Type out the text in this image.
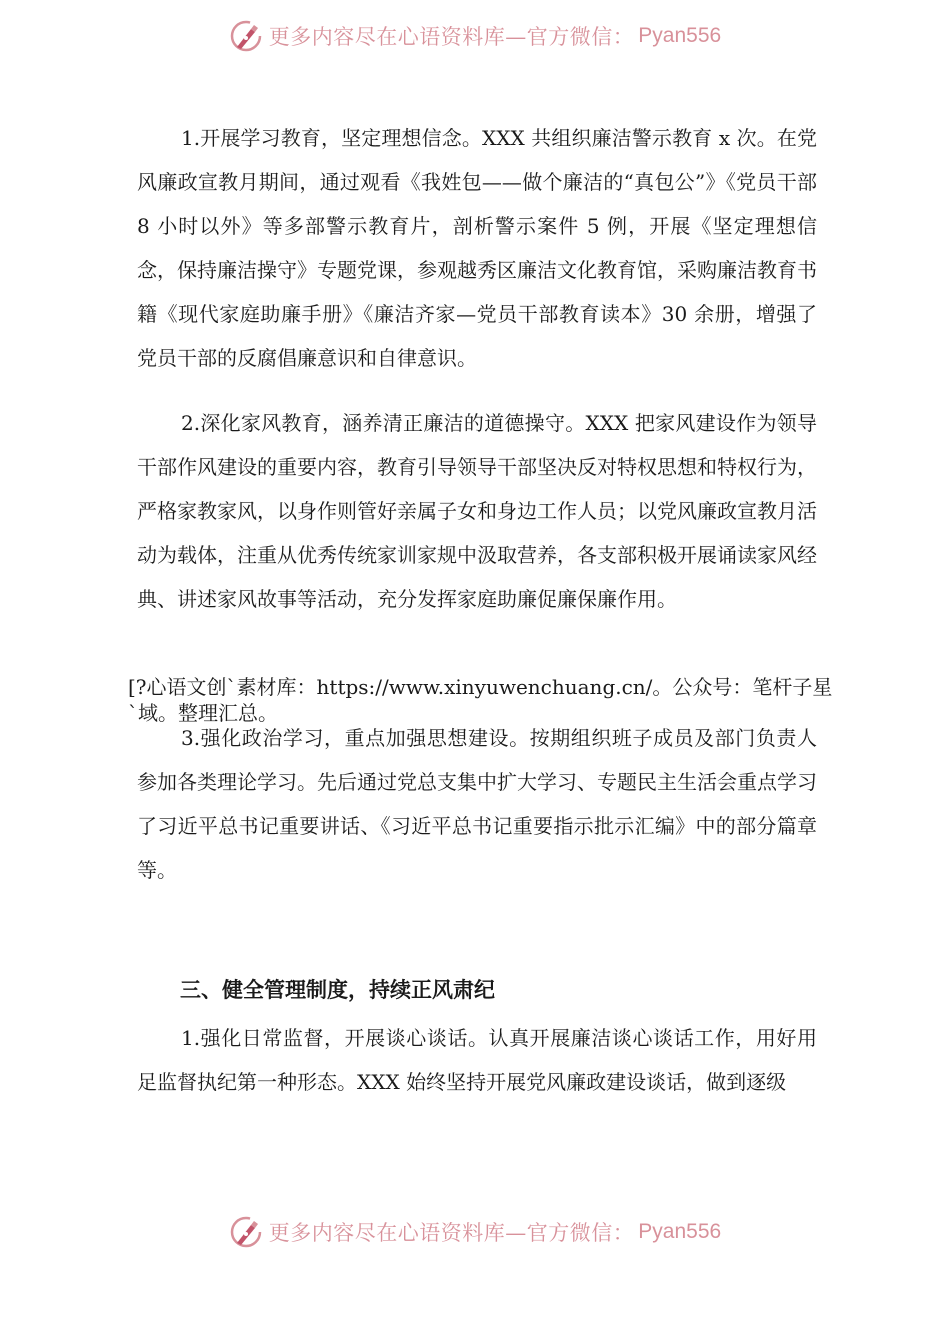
更多内容尽在心语资料库—官方微信： Pyan556

1.开展学习教育，坚定理想信念。XXX 共组织廉洁警示教育 x 次。在党风廉政宣教月期间，通过观看《我姓包——做个廉洁的“真包公”》《党员干部 8 小时以外》等多部警示教育片，剖析警示案件 5 例，开展《坚定理想信念，保持廉洁操守》专题党课，参观越秀区廉洁文化教育馆，采购廉洁教育书籍《现代家庭助廉手册》《廉洁齐家—党员干部教育读本》30 余册，增强了党员干部的反腐倡廉意识和自律意识。

2.深化家风教育，涵养清正廉洁的道德操守。XXX 把家风建设作为领导干部作风建设的重要内容，教育引导领导干部坚决反对特权思想和特权行为，严格家教家风，以身作则管好亲属子女和身边工作人员；以党风廉政宣教月活动为载体，注重从优秀传统家训家规中汲取营养，各支部积极开展诵读家风经典、讲述家风故事等活动，充分发挥家庭助廉促廉保廉作用。

[?心语文创`素材库：https://www.xinyuwenchuang.cn/。公众号：笔杆子星`域。整理汇总。

3.强化政治学习，重点加强思想建设。按期组织班子成员及部门负责人参加各类理论学习。先后通过党总支集中扩大学习、专题民主生活会重点学习了习近平总书记重要讲话、《习近平总书记重要指示批示汇编》中的部分篇章等。

三、健全管理制度，持续正风肃纪

1.强化日常监督，开展谈心谈话。认真开展廉洁谈心谈话工作，用好用足监督执纪第一种形态。XXX 始终坚持开展党风廉政建设谈话，做到逐级

更多内容尽在心语资料库—官方微信： Pyan556
